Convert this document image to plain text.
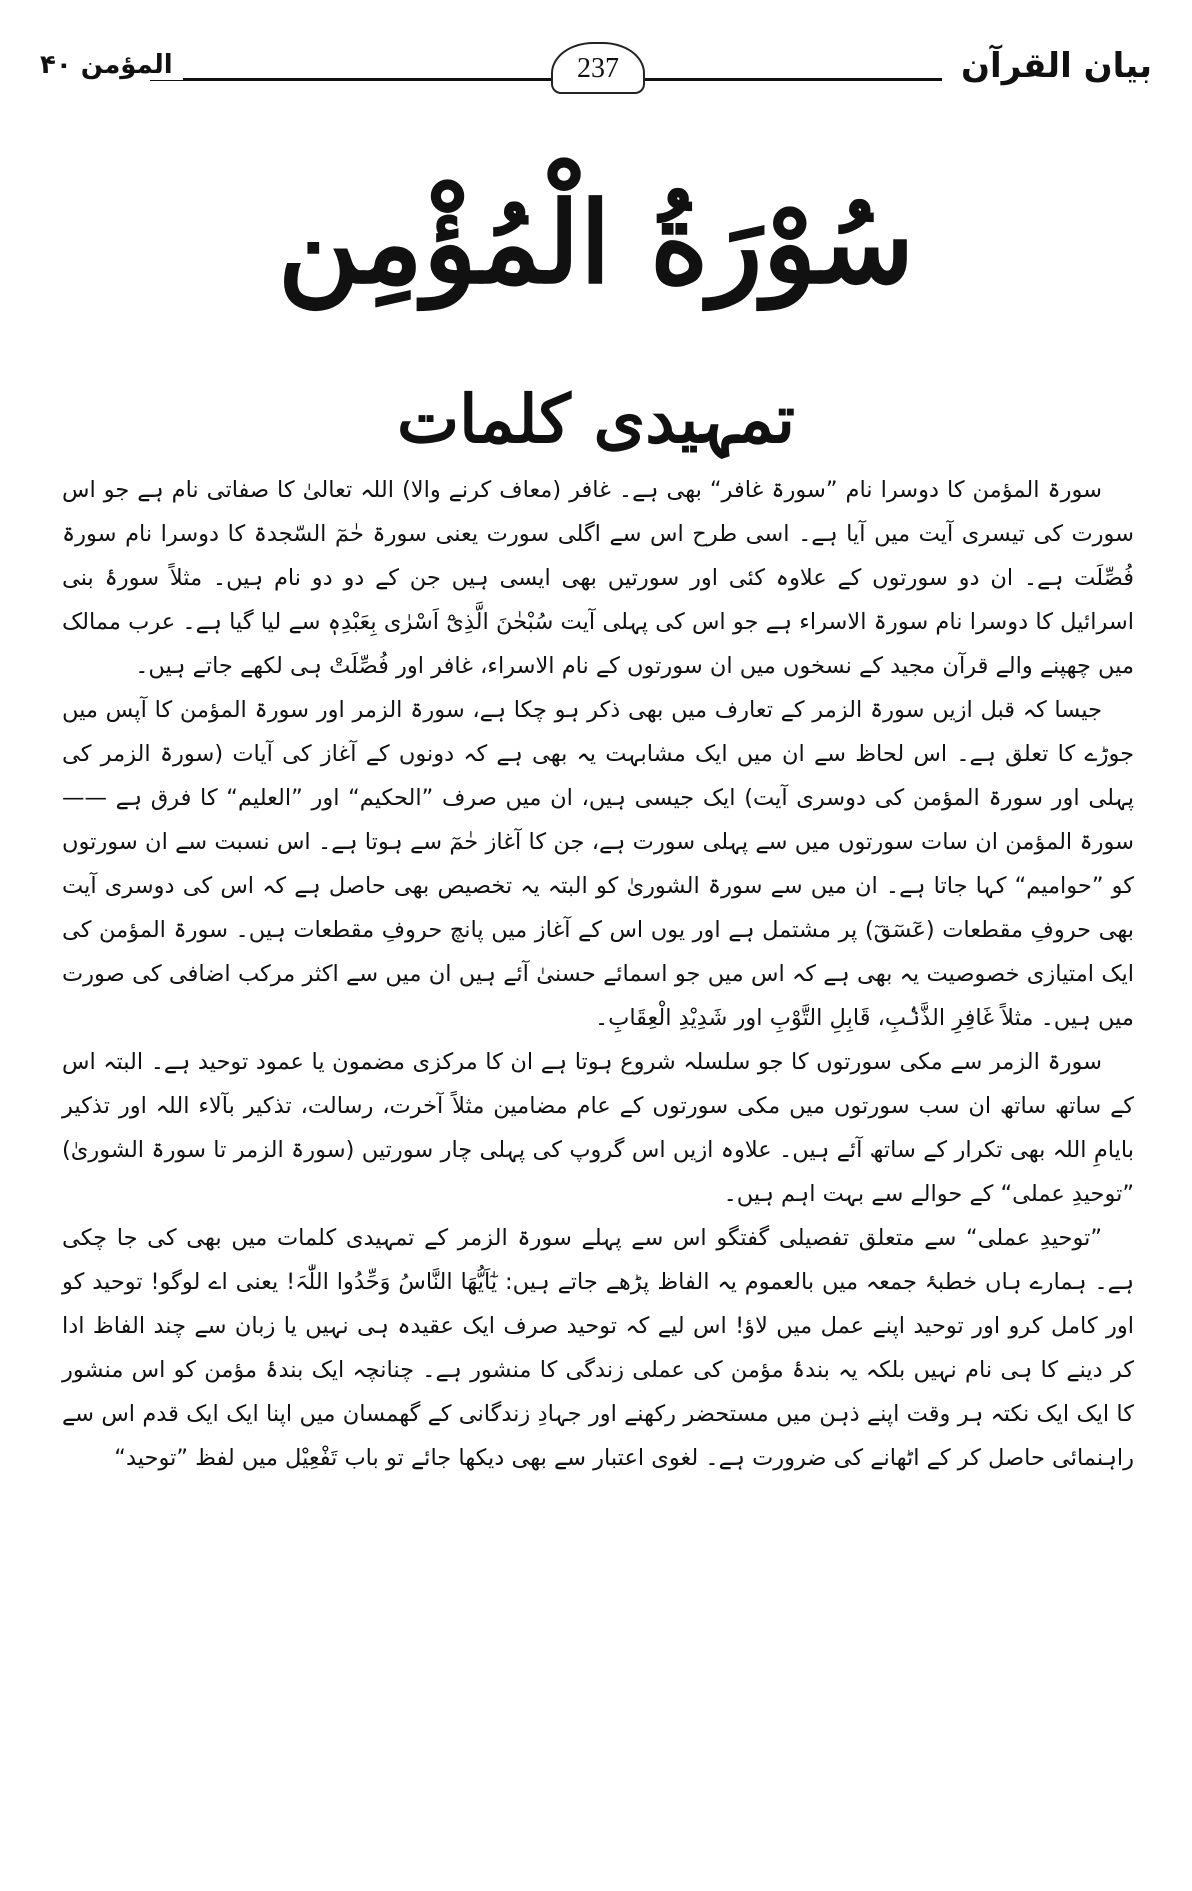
بیان القرآن
237
المؤمن ۴۰
سُوْرَةُ الْمُؤْمِن
تمہیدی کلمات

سورۃ المؤمن کا دوسرا نام ”سورۃ غافر“ بھی ہے۔ غافر (معاف کرنے والا) اللہ تعالیٰ کا صفاتی نام ہے جو اس سورت کی تیسری آیت میں آیا ہے۔ اسی طرح اس سے اگلی سورت یعنی سورۃ حٰمٓ السّجدۃ کا دوسرا نام سورۃ فُصِّلَت ہے۔ ان دو سورتوں کے علاوہ کئی اور سورتیں بھی ایسی ہیں جن کے دو دو نام ہیں۔ مثلاً سورۂ بنی اسرائیل کا دوسرا نام سورۃ الاسراء ہے جو اس کی پہلی آیت سُبْحٰنَ الَّذِیْٓ اَسْرٰی بِعَبْدِہٖ سے لیا گیا ہے۔ عرب ممالک میں چھپنے والے قرآن مجید کے نسخوں میں ان سورتوں کے نام الاسراء، غافر اور فُصِّلَتْ ہی لکھے جاتے ہیں۔

جیسا کہ قبل ازیں سورۃ الزمر کے تعارف میں بھی ذکر ہو چکا ہے، سورۃ الزمر اور سورۃ المؤمن کا آپس میں جوڑے کا تعلق ہے۔ اس لحاظ سے ان میں ایک مشابہت یہ بھی ہے کہ دونوں کے آغاز کی آیات (سورۃ الزمر کی پہلی اور سورۃ المؤمن کی دوسری آیت) ایک جیسی ہیں، ان میں صرف ”الحکیم“ اور ”العلیم“ کا فرق ہے —— سورۃ المؤمن ان سات سورتوں میں سے پہلی سورت ہے، جن کا آغاز حٰمٓ سے ہوتا ہے۔ اس نسبت سے ان سورتوں کو ”حوامیم“ کہا جاتا ہے۔ ان میں سے سورۃ الشوریٰ کو البتہ یہ تخصیص بھی حاصل ہے کہ اس کی دوسری آیت بھی حروفِ مقطعات (عٓسٓقٓ) پر مشتمل ہے اور یوں اس کے آغاز میں پانچ حروفِ مقطعات ہیں۔ سورۃ المؤمن کی ایک امتیازی خصوصیت یہ بھی ہے کہ اس میں جو اسمائے حسنیٰ آئے ہیں ان میں سے اکثر مرکب اضافی کی صورت میں ہیں۔ مثلاً غَافِرِ الذَّنْۢبِ، قَابِلِ التَّوْبِ اور شَدِیْدِ الْعِقَابِ۔

سورۃ الزمر سے مکی سورتوں کا جو سلسلہ شروع ہوتا ہے ان کا مرکزی مضمون یا عمود توحید ہے۔ البتہ اس کے ساتھ ساتھ ان سب سورتوں میں مکی سورتوں کے عام مضامین مثلاً آخرت، رسالت، تذکیر بآلاء اللہ اور تذکیر بایامِ اللہ بھی تکرار کے ساتھ آئے ہیں۔ علاوہ ازیں اس گروپ کی پہلی چار سورتیں (سورۃ الزمر تا سورۃ الشوریٰ) ”توحیدِ عملی“ کے حوالے سے بہت اہم ہیں۔

”توحیدِ عملی“ سے متعلق تفصیلی گفتگو اس سے پہلے سورۃ الزمر کے تمہیدی کلمات میں بھی کی جا چکی ہے۔ ہمارے ہاں خطبۂ جمعہ میں بالعموم یہ الفاظ پڑھے جاتے ہیں: یٰٓاَیُّھَا النَّاسُ وَحِّدُوا اللّٰہَ! یعنی اے لوگو! توحید کو اور کامل کرو اور توحید اپنے عمل میں لاؤ! اس لیے کہ توحید صرف ایک عقیدہ ہی نہیں یا زبان سے چند الفاظ ادا کر دینے کا ہی نام نہیں بلکہ یہ بندۂ مؤمن کی عملی زندگی کا منشور ہے۔ چنانچہ ایک بندۂ مؤمن کو اس منشور کا ایک ایک نکتہ ہر وقت اپنے ذہن میں مستحضر رکھنے اور جہادِ زندگانی کے گھمسان میں اپنا ایک ایک قدم اس سے راہنمائی حاصل کر کے اٹھانے کی ضرورت ہے۔ لغوی اعتبار سے بھی دیکھا جائے تو باب تَفْعِیْل میں لفظ ”توحید“
